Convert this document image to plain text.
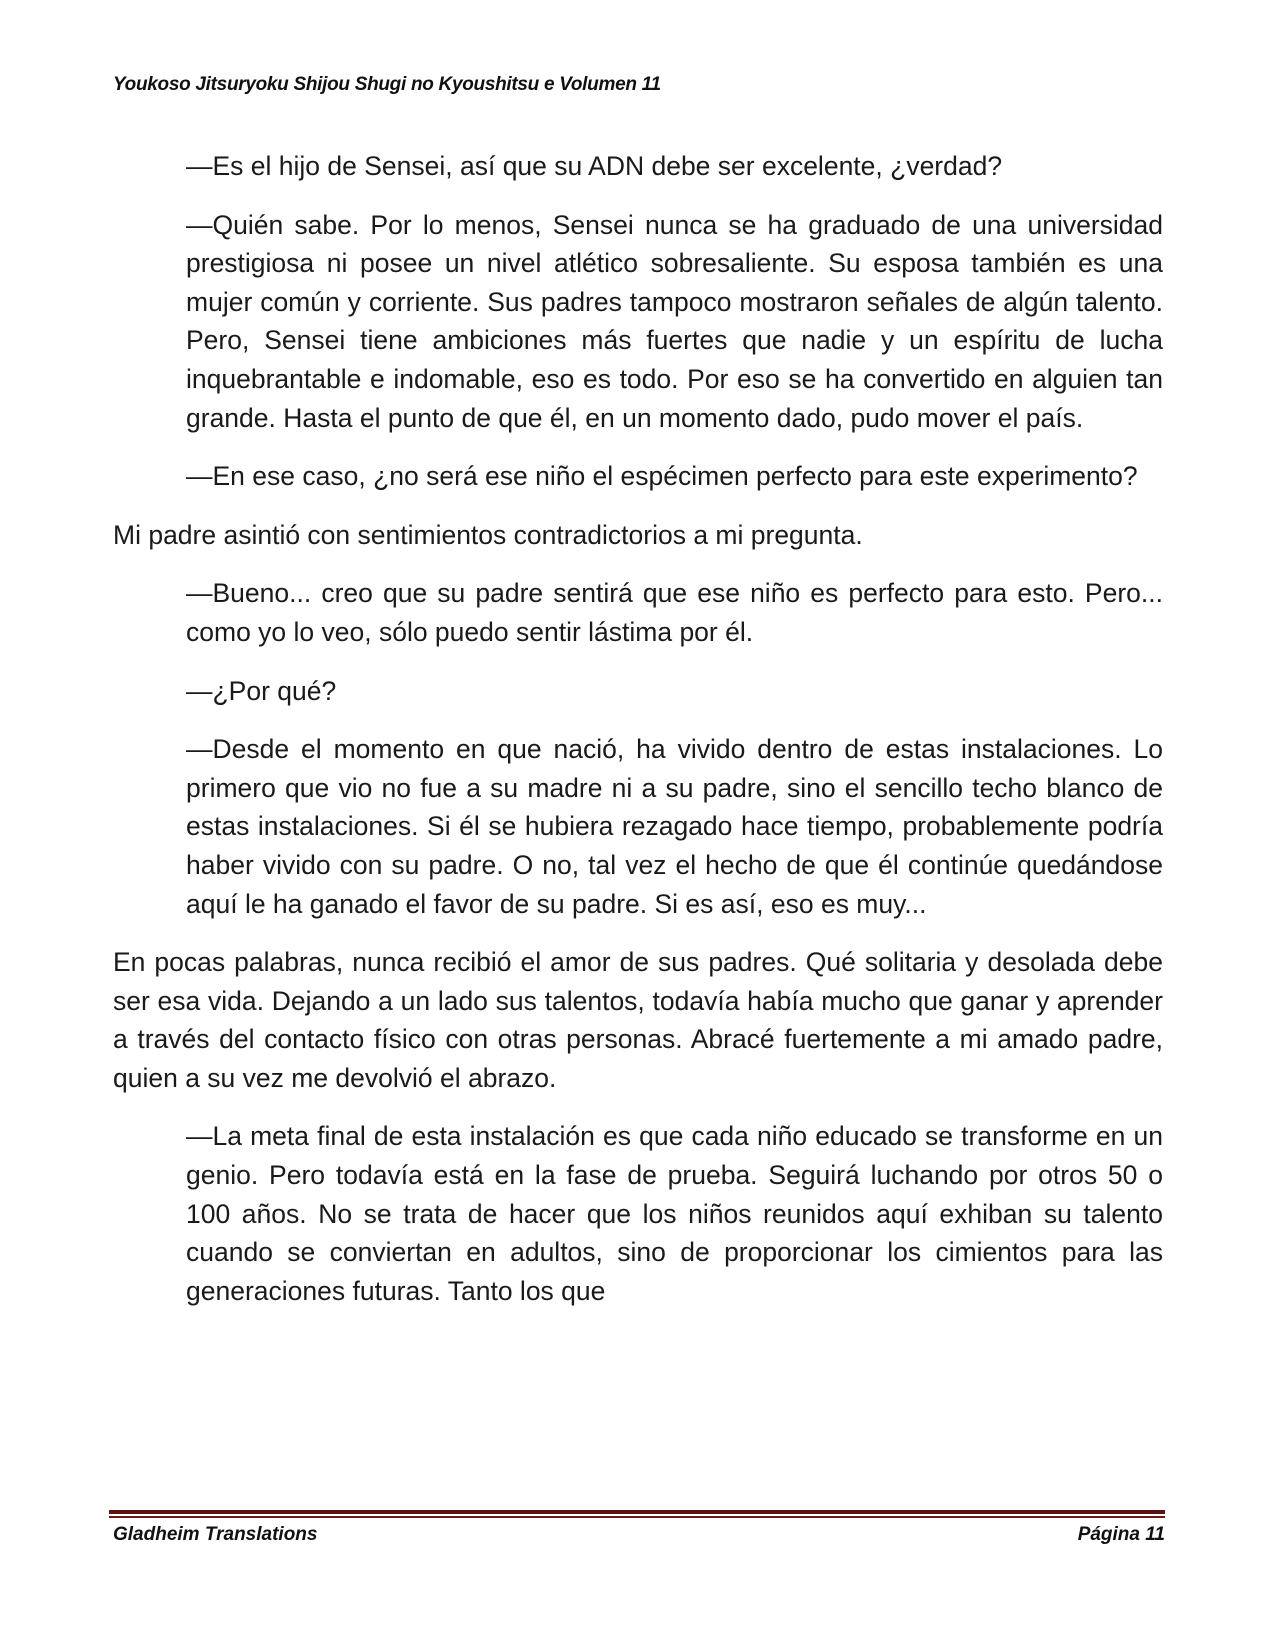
Youkoso Jitsuryoku Shijou Shugi no Kyoushitsu e Volumen 11

—Es el hijo de Sensei, así que su ADN debe ser excelente, ¿verdad?

—Quién sabe. Por lo menos, Sensei nunca se ha graduado de una universidad prestigiosa ni posee un nivel atlético sobresaliente. Su esposa también es una mujer común y corriente. Sus padres tampoco mostraron señales de algún talento. Pero, Sensei tiene ambiciones más fuertes que nadie y un espíritu de lucha inquebrantable e indomable, eso es todo. Por eso se ha convertido en alguien tan grande. Hasta el punto de que él, en un momento dado, pudo mover el país.

—En ese caso, ¿no será ese niño el espécimen perfecto para este experimento?

Mi padre asintió con sentimientos contradictorios a mi pregunta.

—Bueno... creo que su padre sentirá que ese niño es perfecto para esto. Pero... como yo lo veo, sólo puedo sentir lástima por él.

—¿Por qué?

—Desde el momento en que nació, ha vivido dentro de estas instalaciones. Lo primero que vio no fue a su madre ni a su padre, sino el sencillo techo blanco de estas instalaciones. Si él se hubiera rezagado hace tiempo, probablemente podría haber vivido con su padre. O no, tal vez el hecho de que él continúe quedándose aquí le ha ganado el favor de su padre. Si es así, eso es muy...

En pocas palabras, nunca recibió el amor de sus padres. Qué solitaria y desolada debe ser esa vida. Dejando a un lado sus talentos, todavía había mucho que ganar y aprender a través del contacto físico con otras personas. Abracé fuertemente a mi amado padre, quien a su vez me devolvió el abrazo.

—La meta final de esta instalación es que cada niño educado se transforme en un genio. Pero todavía está en la fase de prueba. Seguirá luchando por otros 50 o 100 años. No se trata de hacer que los niños reunidos aquí exhiban su talento cuando se conviertan en adultos, sino de proporcionar los cimientos para las generaciones futuras. Tanto los que

Gladheim Translations	Página 11
